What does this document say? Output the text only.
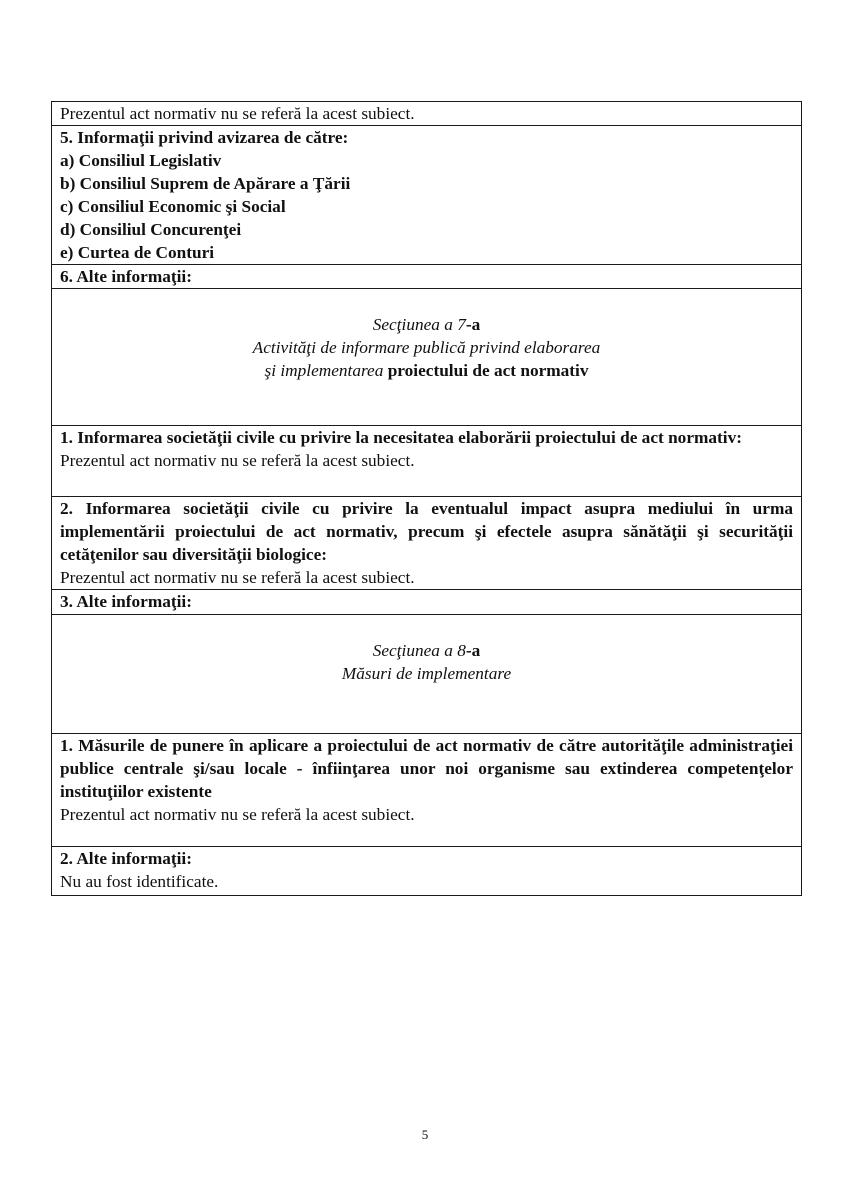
Prezentul act normativ nu se referă la acest subiect.

5. Informaţii privind avizarea de către:
a) Consiliul Legislativ
b) Consiliul Suprem de Apărare a Ţării
c) Consiliul Economic şi Social
d) Consiliul Concurenţei
e) Curtea de Conturi

6. Alte informaţii:

Secţiunea a 7-a
Activităţi de informare publică privind elaborarea
şi implementarea proiectului de act normativ

1. Informarea societăţii civile cu privire la necesitatea elaborării proiectului de act normativ:
Prezentul act normativ nu se referă la acest subiect.

2. Informarea societăţii civile cu privire la eventualul impact asupra mediului în urma implementării proiectului de act normativ, precum şi efectele asupra sănătăţii şi securităţii cetăţenilor sau diversităţii biologice:
Prezentul act normativ nu se referă la acest subiect.

3. Alte informaţii:

Secţiunea a 8-a
Măsuri de implementare

1. Măsurile de punere în aplicare a proiectului de act normativ de către autorităţile administraţiei publice centrale şi/sau locale - înfiinţarea unor noi organisme sau extinderea competenţelor instituţiilor existente
Prezentul act normativ nu se referă la acest subiect.

2. Alte informaţii:
Nu au fost identificate.
5
